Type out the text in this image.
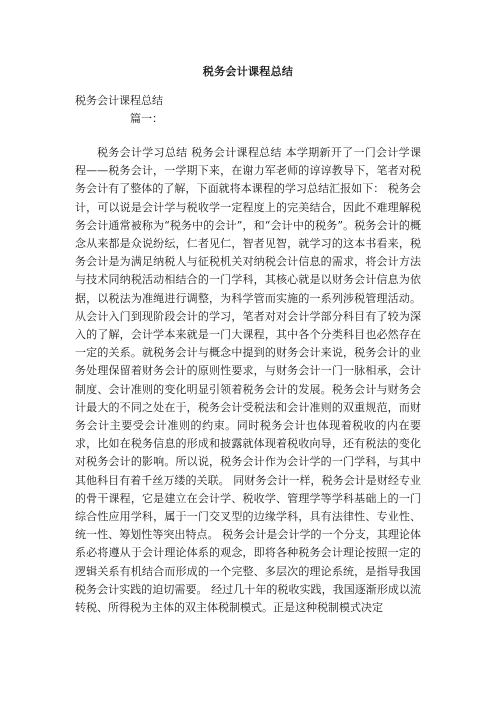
税务会计课程总结
税务会计课程总结
篇一：

税务会计学习总结 税务会计课程总结 本学期新开了一门会计学课程——税务会计，一学期下来，在谢力军老师的谆谆教导下，笔者对税务会计有了整体的了解，下面就将本课程的学习总结汇报如下： 税务会计，可以说是会计学与税收学一定程度上的完美结合，因此不难理解税务会计通常被称为“税务中的会计”，和“会计中的税务”。税务会计的概念从来都是众说纷纭，仁者见仁，智者见智，就学习的这本书看来，税务会计是为满足纳税人与征税机关对纳税会计信息的需求，将会计方法与技术同纳税活动相结合的一门学科，其核心就是以财务会计信息为依据，以税法为准绳进行调整，为科学管而实施的一系列涉税管理活动。 从会计入门到现阶段会计的学习，笔者对对会计学部分科目有了较为深入的了解，会计学本来就是一门大课程，其中各个分类科目也必然存在一定的关系。就税务会计与概念中提到的财务会计来说，税务会计的业务处理保留着财务会计的原则性要求，与财务会计一门一脉相承，会计制度、会计准则的变化明显引领着税务会计的发展。税务会计与财务会计最大的不同之处在于，税务会计受税法和会计准则的双重规范，而财务会计主要受会计准则的约束。同时税务会计也体现着税收的内在要求，比如在税务信息的形成和披露就体现着税收向导，还有税法的变化对税务会计的影响。所以说，税务会计作为会计学的一门学科，与其中其他科目有着千丝万缕的关联。 同财务会计一样，税务会计是财经专业的骨干课程，它是建立在会计学、税收学、管理学等学科基础上的一门综合性应用学科，属于一门交叉型的边缘学科，具有法律性、专业性、统一性、筹划性等突出特点。 税务会计是会计学的一个分支，其理论体系必将遵从于会计理论体系的观念，即将各种税务会计理论按照一定的逻辑关系有机结合而形成的一个完整、多层次的理论系统，是指导我国税务会计实践的迫切需要。 经过几十年的税收实践，我国逐渐形成以流转税、所得税为主体的双主体税制模式。正是这种税制模式决定
